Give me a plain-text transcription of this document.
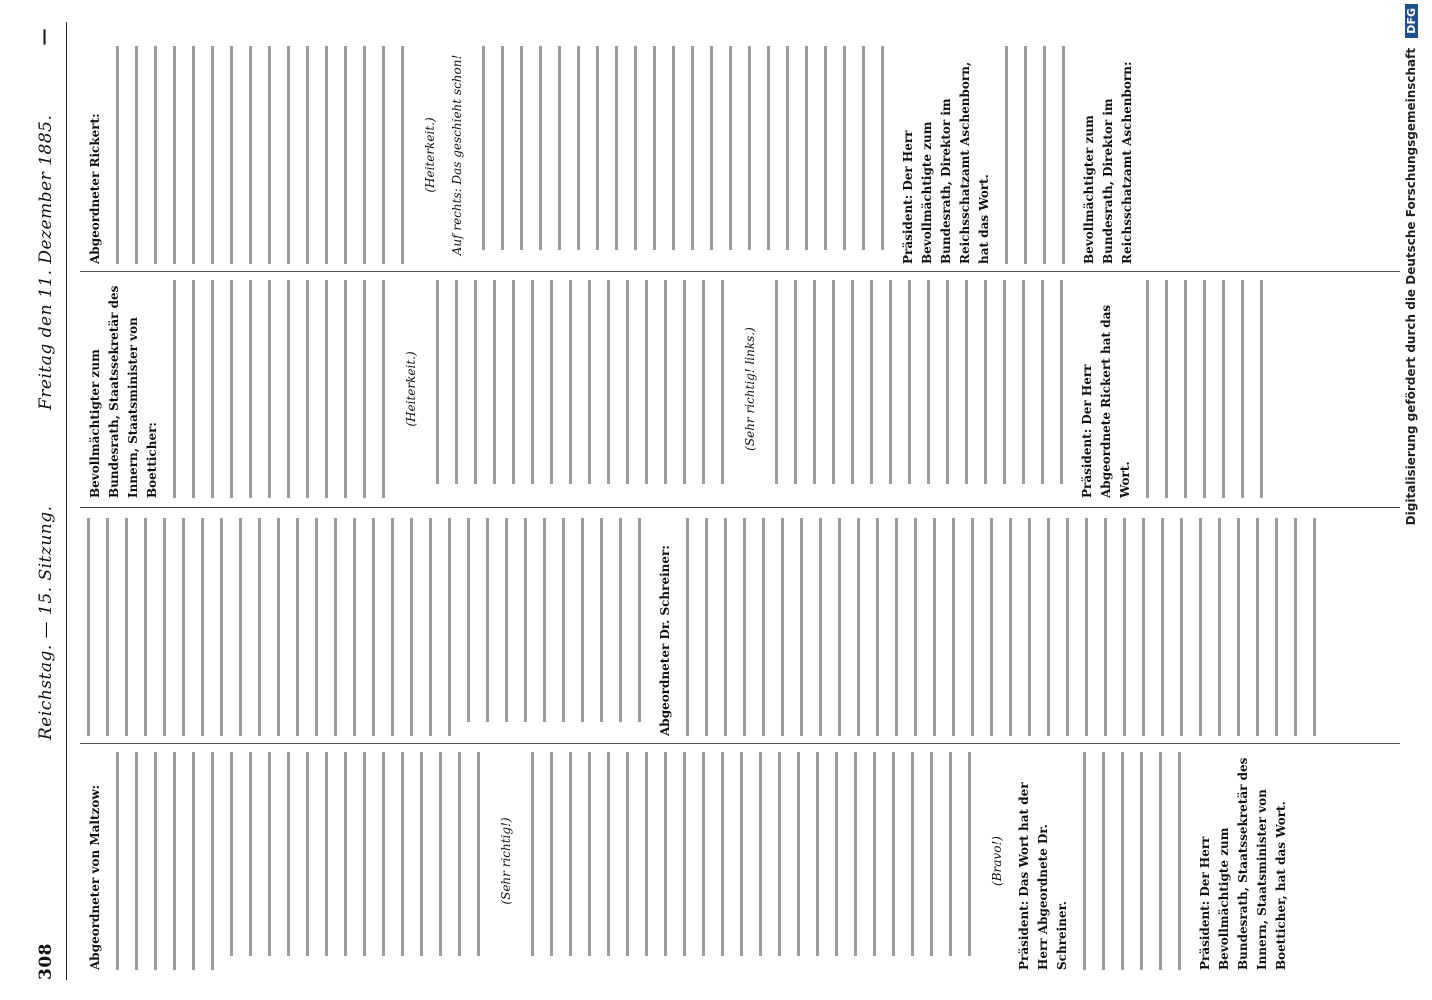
308
Reichstag. — 15. Sitzung.
Freitag den 11. Dezember 1885.
—
Abgeordneter von Maltzow:	(Sehr richtig!)	(Bravo!) Präsident: Das Wort hat der Herr Abgeordnete Dr. Schreiner.	Präsident: Der Herr Bevollmächtigte zum Bundesrath, Staatssekretär des Innern, Staatsminister von Boetticher, hat das Wort.
Abgeordneter Dr. Schreiner:
Bevollmächtigter zum Bundesrath, Staatssekretär des Innern, Staatsminister von Boetticher:
(Heiterkeit.)	(Sehr richtig! links.)	Präsident: Der Herr Abgeordnete Rickert hat das Wort.
Abgeordneter Rickert:	(Heiterkeit.) Auf rechts: Das geschieht schon!	Präsident: Der Herr Bevollmächtigte zum Bundesrath, Direktor im Reichsschatzamt Aschenborn, hat das Wort.	Bevollmächtigter zum Bundesrath, Direktor im Reichsschatzamt Aschenborn:	Digitalisierung gefördert durch die Deutsche Forschungsgemeinschaft DFG
